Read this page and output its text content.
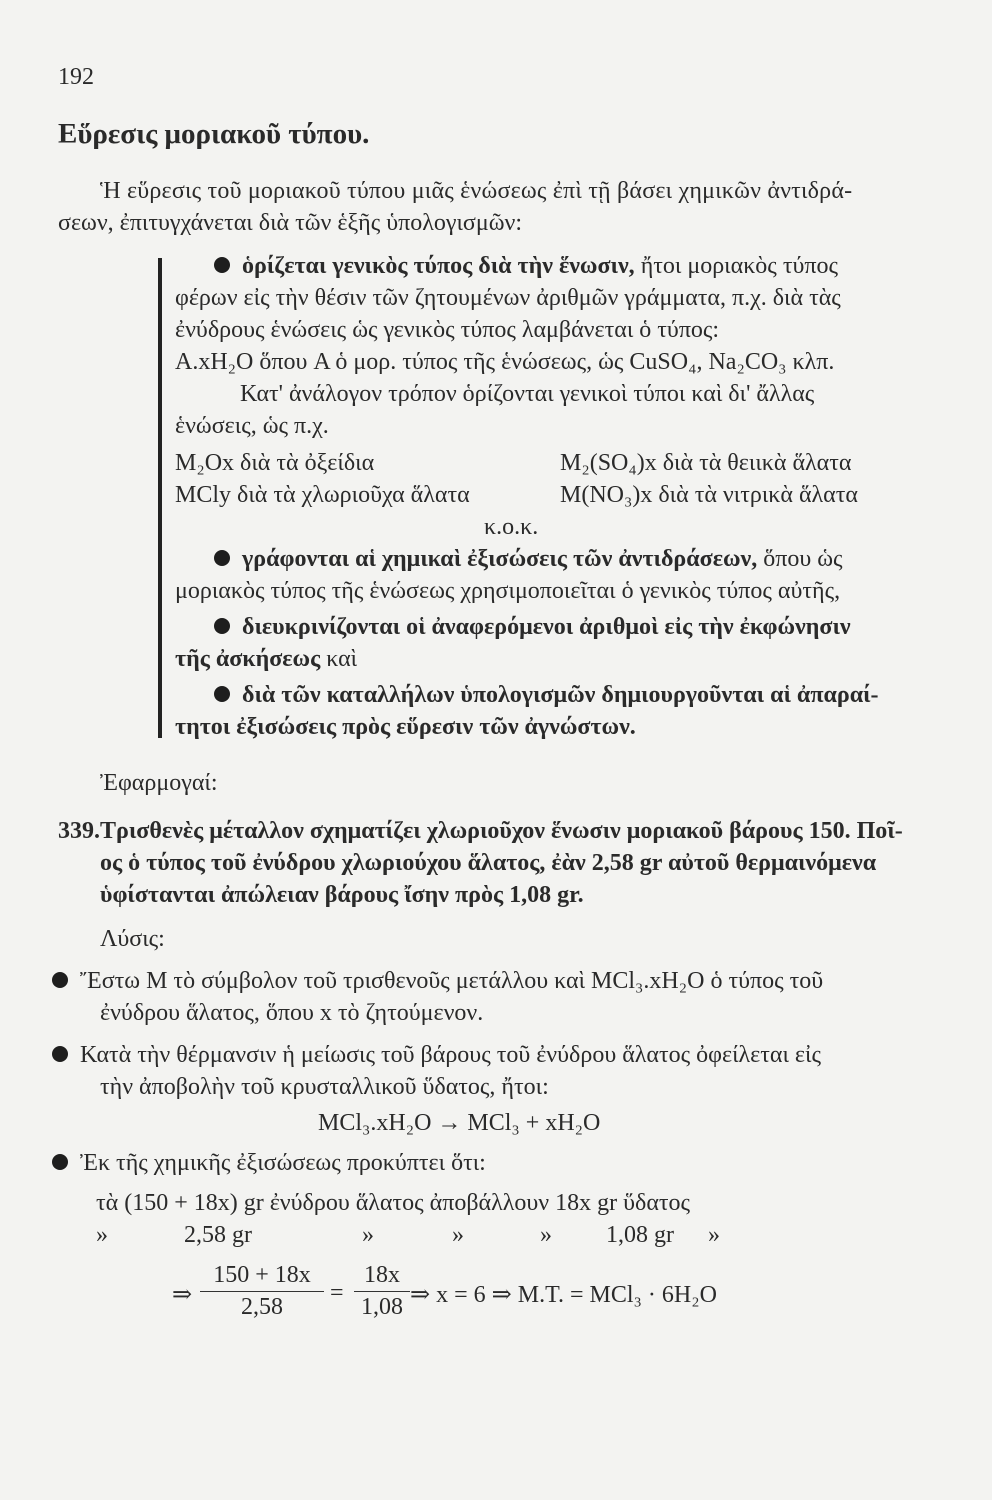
192
Εὕρεσις μοριακοῦ τύπου.
Ἡ εὕρεσις τοῦ μοριακοῦ τύπου μιᾶς ἑνώσεως ἐπὶ τῇ βάσει χημικῶν ἀντιδρά-
σεων, ἐπιτυγχάνεται διὰ τῶν ἑξῆς ὑπολογισμῶν:
ὁρίζεται γενικὸς τύπος διὰ τὴν ἕνωσιν, ἤτοι μοριακὸς τύπος
φέρων εἰς τὴν θέσιν τῶν ζητουμένων ἀριθμῶν γράμματα, π.χ. διὰ τὰς
ἐνύδρους ἑνώσεις ὡς γενικὸς τύπος λαμβάνεται ὁ τύπος:
A.xH₂O ὅπου A ὁ μορ. τύπος τῆς ἑνώσεως, ὡς CuSO₄, Na₂CO₃ κλπ.
Κατ' ἀνάλογον τρόπον ὁρίζονται γενικοὶ τύποι καὶ δι' ἄλλας
ἑνώσεις, ὡς π.χ.
M₂Ox διὰ τὰ ὀξείδια	M₂(SO₄)x διὰ τὰ θειικὰ ἅλατα
MCly διὰ τὰ χλωριοῦχα ἅλατα	M(NO₃)x διὰ τὰ νιτρικὰ ἅλατα
κ.ο.κ.
γράφονται αἱ χημικαὶ ἐξισώσεις τῶν ἀντιδράσεων, ὅπου ὡς
μοριακὸς τύπος τῆς ἑνώσεως χρησιμοποιεῖται ὁ γενικὸς τύπος αὐτῆς,
διευκρινίζονται οἱ ἀναφερόμενοι ἀριθμοὶ εἰς τὴν ἐκφώνησιν
τῆς ἀσκήσεως καὶ
διὰ τῶν καταλλήλων ὑπολογισμῶν δημιουργοῦνται αἱ ἀπαραί-
τητοι ἐξισώσεις πρὸς εὕρεσιν τῶν ἀγνώστων.
Ἐφαρμογαί:
339. Τρισθενὲς μέταλλον σχηματίζει χλωριοῦχον ἕνωσιν μοριακοῦ βάρους 150. Ποῖ-
ος ὁ τύπος τοῦ ἐνύδρου χλωριούχου ἅλατος, ἐὰν 2,58 gr αὐτοῦ θερμαινόμενα
ὑφίστανται ἀπώλειαν βάρους ἴσην πρὸς 1,08 gr.
Λύσις:
Ἔστω M τὸ σύμβολον τοῦ τρισθενοῦς μετάλλου καὶ MCl₃.xH₂O ὁ τύπος τοῦ
ἐνύδρου ἅλατος, ὅπου x τὸ ζητούμενον.
Κατὰ τὴν θέρμανσιν ἡ μείωσις τοῦ βάρους τοῦ ἐνύδρου ἅλατος ὀφείλεται εἰς
τὴν ἀποβολὴν τοῦ κρυσταλλικοῦ ὕδατος, ἤτοι:
MCl₃.xH₂O → MCl₃ + xH₂O
Ἐκ τῆς χημικῆς ἐξισώσεως προκύπτει ὅτι:
τὰ (150 + 18x) gr ἐνύδρου ἅλατος ἀποβάλλουν 18x gr ὕδατος
»	2,58 gr	»	»	» 1,08 gr »
⇒ $\frac{150 + 18x}{2,58} = \frac{18x}{1,08}$ ⇒ x = 6 ⇒ M.T. = MCl₃ · 6H₂O
